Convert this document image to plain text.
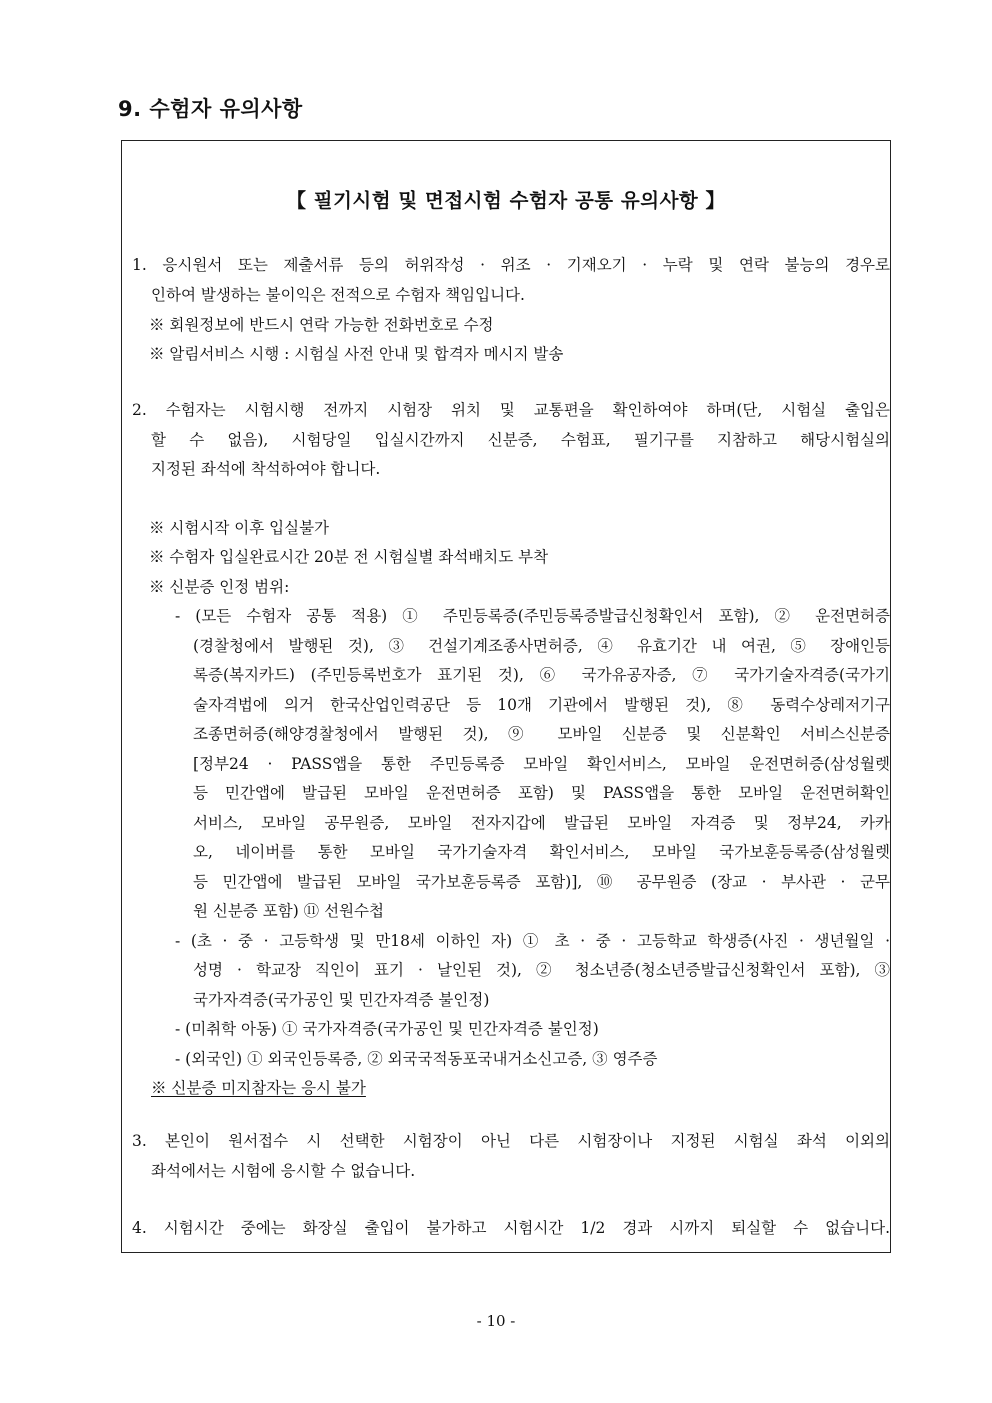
9. 수험자 유의사항
【 필기시험 및 면접시험 수험자 공통 유의사항 】

1. 응시원서 또는 제출서류 등의 허위작성 · 위조 · 기재오기 · 누락 및 연락 불능의 경우로

인하여 발생하는 불이익은 전적으로 수험자 책임입니다.

※ 회원정보에 반드시 연락 가능한 전화번호로 수정

※ 알림서비스 시행 : 시험실 사전 안내 및 합격자 메시지 발송

2. 수험자는 시험시행 전까지 시험장 위치 및 교통편을 확인하여야 하며(단, 시험실 출입은

할 수 없음), 시험당일 입실시간까지 신분증, 수험표, 필기구를 지참하고 해당시험실의

지정된 좌석에 착석하여야 합니다.

※ 시험시작 이후 입실불가

※ 수험자 입실완료시간 20분 전 시험실별 좌석배치도 부착

※ 신분증 인정 범위:

- (모든 수험자 공통 적용) ① 주민등록증(주민등록증발급신청확인서 포함), ② 운전면허증

(경찰청에서 발행된 것), ③ 건설기계조종사면허증, ④ 유효기간 내 여권, ⑤ 장애인등

록증(복지카드) (주민등록번호가 표기된 것), ⑥ 국가유공자증, ⑦ 국가기술자격증(국가기

술자격법에 의거 한국산업인력공단 등 10개 기관에서 발행된 것), ⑧ 동력수상레저기구

조종면허증(해양경찰청에서 발행된 것), ⑨ 모바일 신분증 및 신분확인 서비스신분증

[정부24 · PASS앱을 통한 주민등록증 모바일 확인서비스, 모바일 운전면허증(삼성월렛

등 민간앱에 발급된 모바일 운전면허증 포함) 및 PASS앱을 통한 모바일 운전면허확인

서비스, 모바일 공무원증, 모바일 전자지갑에 발급된 모바일 자격증 및 정부24, 카카

오, 네이버를 통한 모바일 국가기술자격 확인서비스, 모바일 국가보훈등록증(삼성월렛

등 민간앱에 발급된 모바일 국가보훈등록증 포함)], ⑩ 공무원증 (장교 · 부사관 · 군무

원 신분증 포함) ⑪ 선원수첩

- (초 · 중 · 고등학생 및 만18세 이하인 자) ① 초 · 중 · 고등학교 학생증(사진 · 생년월일 ·

성명 · 학교장 직인이 표기 · 날인된 것), ② 청소년증(청소년증발급신청확인서 포함), ③

국가자격증(국가공인 및 민간자격증 불인정)

- (미취학 아동) ① 국가자격증(국가공인 및 민간자격증 불인정)

- (외국인) ① 외국인등록증, ② 외국국적동포국내거소신고증, ③ 영주증

※ 신분증 미지참자는 응시 불가

3. 본인이 원서접수 시 선택한 시험장이 아닌 다른 시험장이나 지정된 시험실 좌석 이외의

좌석에서는 시험에 응시할 수 없습니다.

4. 시험시간 중에는 화장실 출입이 불가하고 시험시간 1/2 경과 시까지 퇴실할 수 없습니다.

- 10 -
